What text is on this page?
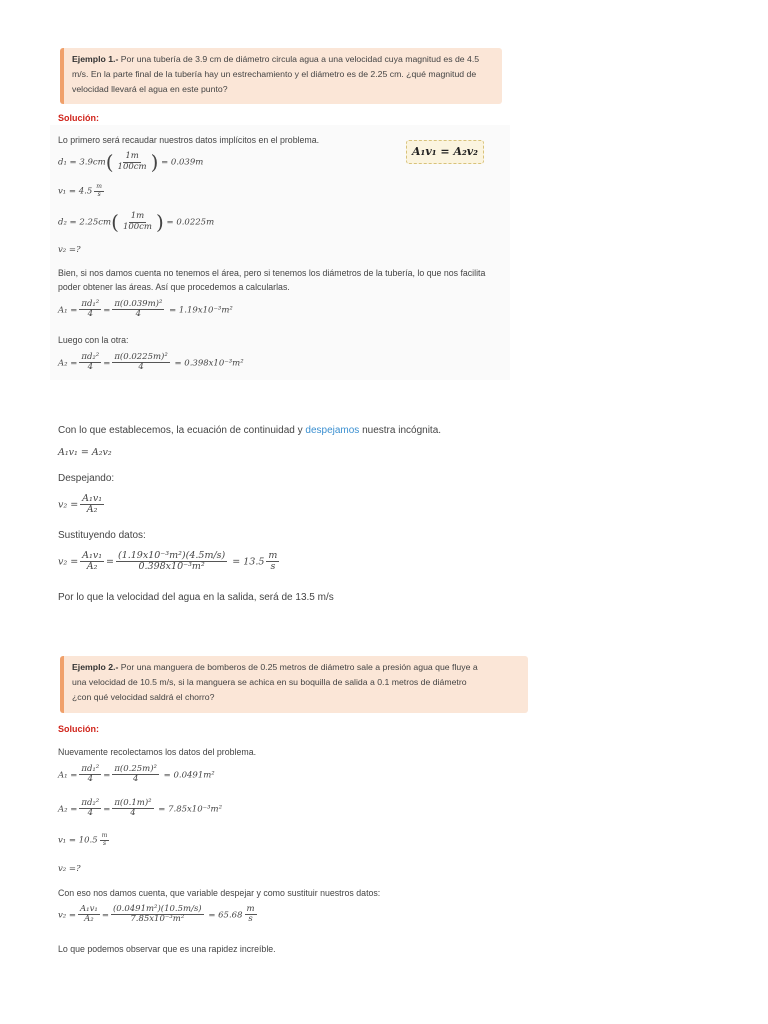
Ejemplo 1.- Por una tubería de 3.9 cm de diámetro circula agua a una velocidad cuya magnitud es de 4.5
m/s. En la parte final de la tubería hay un estrechamiento y el diámetro es de 2.25 cm. ¿qué magnitud de
velocidad llevará el agua en este punto?
Solución:
Lo primero será recaudar nuestros datos implícitos en el problema.
A₁v₁ = A₂v₂
$d_1 = 3.9cm( \frac{1m}{100cm}$ ) = 0.039m
$v_1 = 4.5 \frac{m}{s}$
$d_2 = 2.25cm( \frac{1m}{100cm}$ ) = 0.0225m
v₂ =?
Bien, si nos damos cuenta no tenemos el área, pero si tenemos los diámetros de la tubería, lo que nos facilita
poder obtener las áreas. Así que procedemos a calcularlas.
$A_1 = \frac{\text{πd₁²}}{4} = \frac{\text{π(0.039m)²}}{4} = 1.19x10^{-3}m^2$
Luego con la otra:
$A_2 = \frac{\text{πd₂²}}{4} = \frac{\text{π(0.0225m)²}}{4} = 0.398x10^{-3}m^2$
Con lo que establecemos, la ecuación de continuidad y despejamos nuestra incógnita.
A₁v₁ = A₂v₂
Despejando:
$v_2 = \frac{\text{A₁v₁}}{\text{A₂}}$
Sustituyendo datos:
$v_2 = \frac{\text{A₁v₁}}{\text{A₂}} = \frac{\text{(1.19x10⁻³m²)(4.5m/s)}}{\text{0.398x10⁻³m²}} = 13.5 \frac{m}{s}$
Por lo que la velocidad del agua en la salida, será de 13.5 m/s
Ejemplo 2.- Por una manguera de bomberos de 0.25 metros de diámetro sale a presión agua que fluye a
una velocidad de 10.5 m/s, si la manguera se achica en su boquilla de salida a 0.1 metros de diámetro
¿con qué velocidad saldrá el chorro?
Solución:
Nuevamente recolectamos los datos del problema.
$A_1 = \frac{\text{πd₁²}}{4} = \frac{\text{π(0.25m)²}}{4} = 0.0491m^2$
$A_2 = \frac{\text{πd₂²}}{4} = \frac{\text{π(0.1m)²}}{4} = 7.85x10^{-3}m^2$
$v_1 = 10.5 \frac{m}{s}$
v₂ =?
Con eso nos damos cuenta, que variable despejar y como sustituir nuestros datos:
$v_2 = \frac{\text{A₁v₁}}{\text{A₂}} = \frac{\text{(0.0491m²)(10.5m/s)}}{\text{7.85x10⁻³m²}} = 65.68 \frac{m}{s}$
Lo que podemos observar que es una rapidez increíble.
